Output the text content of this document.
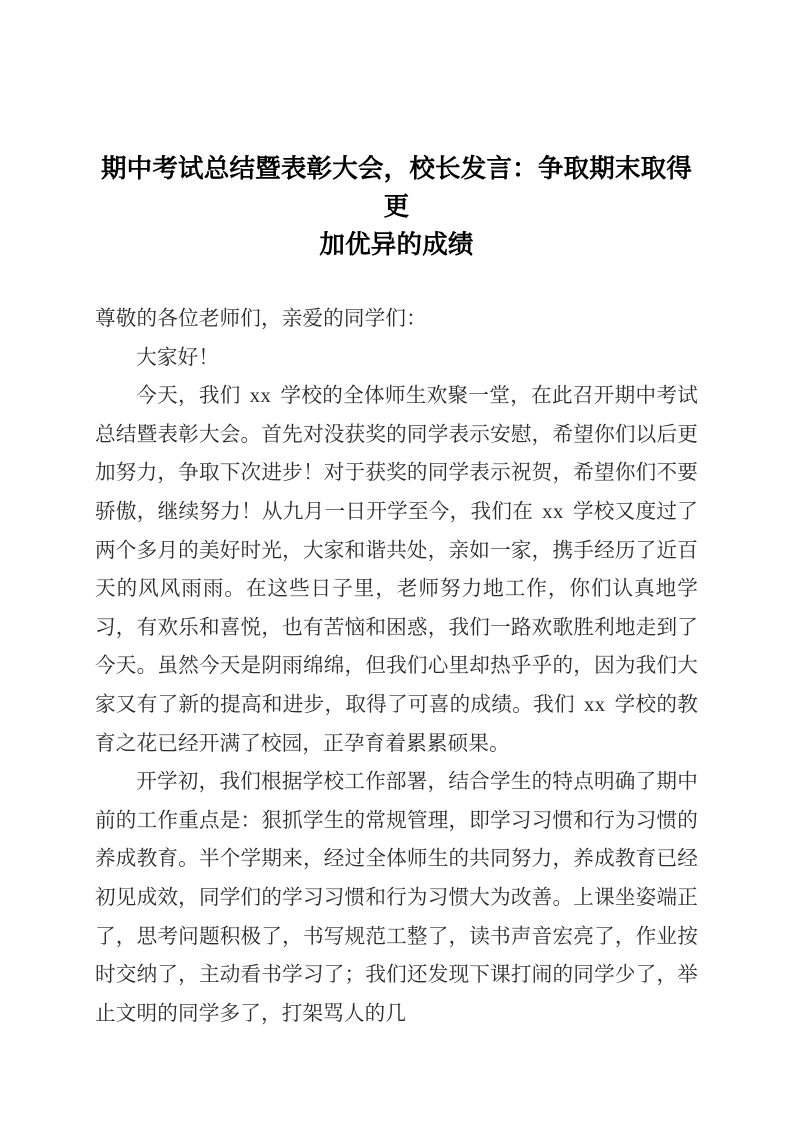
期中考试总结暨表彰大会，校长发言：争取期末取得更
加优异的成绩

尊敬的各位老师们，亲爱的同学们：

大家好！

今天，我们 xx 学校的全体师生欢聚一堂，在此召开期中考试总结暨表彰大会。首先对没获奖的同学表示安慰，希望你们以后更加努力，争取下次进步！对于获奖的同学表示祝贺，希望你们不要骄傲，继续努力！从九月一日开学至今，我们在 xx 学校又度过了两个多月的美好时光，大家和谐共处，亲如一家，携手经历了近百天的风风雨雨。在这些日子里，老师努力地工作，你们认真地学习，有欢乐和喜悦，也有苦恼和困惑，我们一路欢歌胜利地走到了今天。虽然今天是阴雨绵绵，但我们心里却热乎乎的，因为我们大家又有了新的提高和进步，取得了可喜的成绩。我们 xx 学校的教育之花已经开满了校园，正孕育着累累硕果。

开学初，我们根据学校工作部署，结合学生的特点明确了期中前的工作重点是：狠抓学生的常规管理，即学习习惯和行为习惯的养成教育。半个学期来，经过全体师生的共同努力，养成教育已经初见成效，同学们的学习习惯和行为习惯大为改善。上课坐姿端正了，思考问题积极了，书写规范工整了，读书声音宏亮了，作业按时交纳了，主动看书学习了；我们还发现下课打闹的同学少了，举止文明的同学多了，打架骂人的几
